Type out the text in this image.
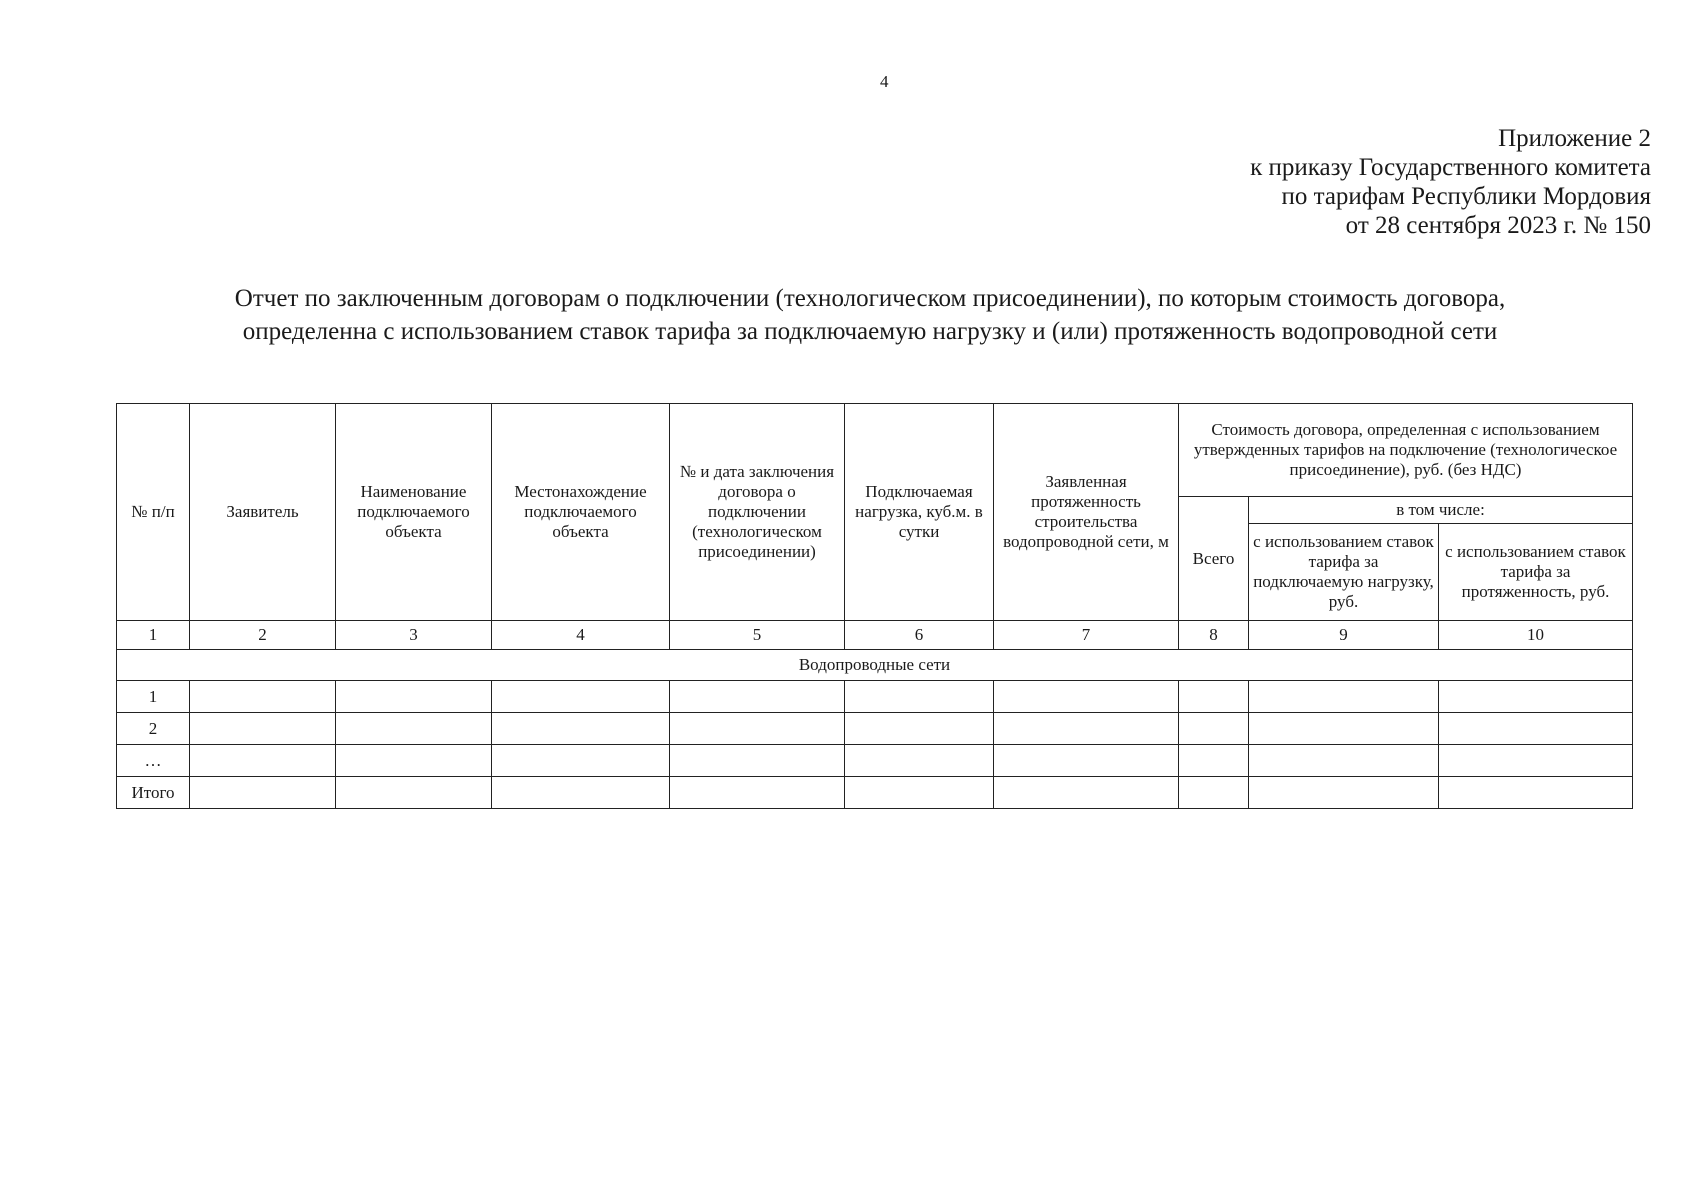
4
Приложение 2
к приказу Государственного комитета
по тарифам Республики Мордовия
от 28 сентября 2023 г. № 150
Отчет по заключенным договорам о подключении (технологическом присоединении), по которым стоимость договора,
определенна с использованием ставок тарифа за подключаемую нагрузку и (или) протяженность водопроводной сети
№ п/п	Заявитель	Наименование подключаемого объекта	Местонахождение подключаемого объекта	№ и дата заключения договора о подключении (технологическом присоединении)	Подключаемая нагрузка, куб.м. в сутки	Заявленная протяженность строительства водопроводной сети, м	Стоимость договора, определенная с использованием утвержденных тарифов на подключение (технологическое присоединение), руб. (без НДС)		
							Всего	в том числе:	
								с использованием ставок тарифа за подключаемую нагрузку, руб.	с использованием ставок тарифа за протяженность, руб.
1	2	3	4	5	6	7	8	9	10
Водопроводные сети									
1									
2									
…									
Итого									
